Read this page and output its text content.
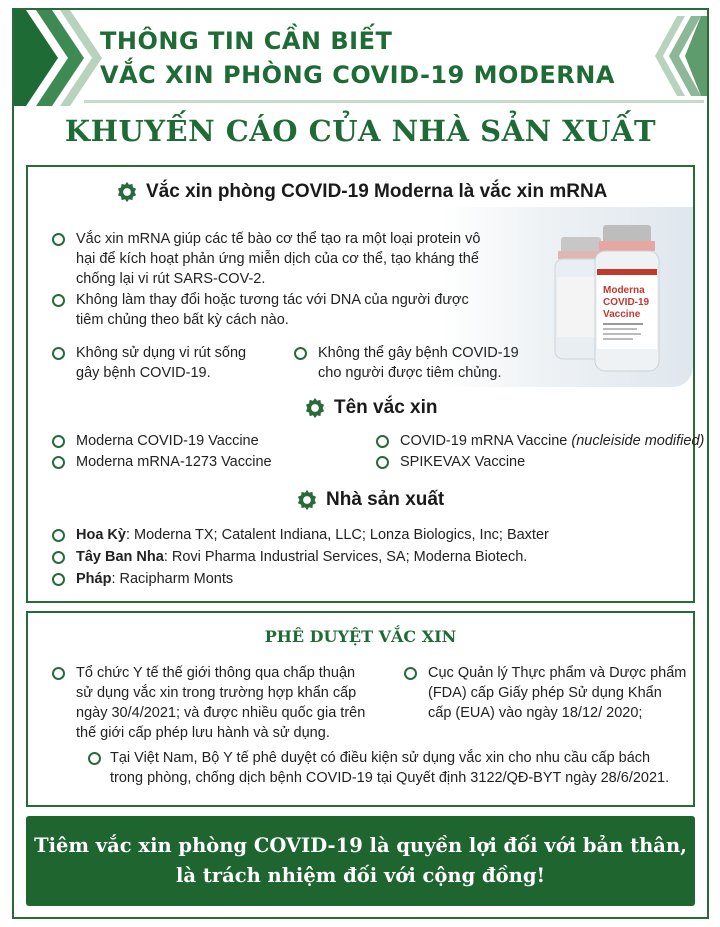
THÔNG TIN CẦN BIẾT
VẮC XIN PHÒNG COVID-19 MODERNA
KHUYẾN CÁO CỦA NHÀ SẢN XUẤT
Moderna
COVID-19
Vaccine
Vắc xin phòng COVID-19 Moderna là vắc xin mRNA
Vắc xin mRNA giúp các tế bào cơ thể tạo ra một loại protein vô hại để kích hoạt phản ứng miễn dịch của cơ thể, tạo kháng thể chống lại vi rút SARS-COV-2.
Không làm thay đổi hoặc tương tác với DNA của người được tiêm chủng theo bất kỳ cách nào.
Không sử dụng vi rút sống gây bệnh COVID-19.
Không thể gây bệnh COVID-19 cho người được tiêm chủng.
Tên vắc xin
Moderna COVID-19 Vaccine
Moderna mRNA-1273 Vaccine
COVID-19 mRNA Vaccine (nucleiside modified)
SPIKEVAX Vaccine
Nhà sản xuất
Hoa Kỳ: Moderna TX; Catalent Indiana, LLC; Lonza Biologics, Inc; Baxter
Tây Ban Nha: Rovi Pharma Industrial Services, SA; Moderna Biotech.
Pháp: Racipharm Monts
PHÊ DUYỆT VẮC XIN
Tổ chức Y tế thế giới thông qua chấp thuận sử dụng vắc xin trong trường hợp khẩn cấp ngày 30/4/2021; và được nhiều quốc gia trên thế giới cấp phép lưu hành và sử dụng.
Cục Quản lý Thực phẩm và Dược phẩm (FDA) cấp Giấy phép Sử dụng Khẩn cấp (EUA) vào ngày 18/12/ 2020;
Tại Việt Nam, Bộ Y tế phê duyệt có điều kiện sử dụng vắc xin cho nhu cầu cấp bách trong phòng, chống dịch bệnh COVID-19 tại Quyết định 3122/QĐ-BYT ngày 28/6/2021.
Tiêm vắc xin phòng COVID-19 là quyền lợi đối với bản thân,
là trách nhiệm đối với cộng đồng!
